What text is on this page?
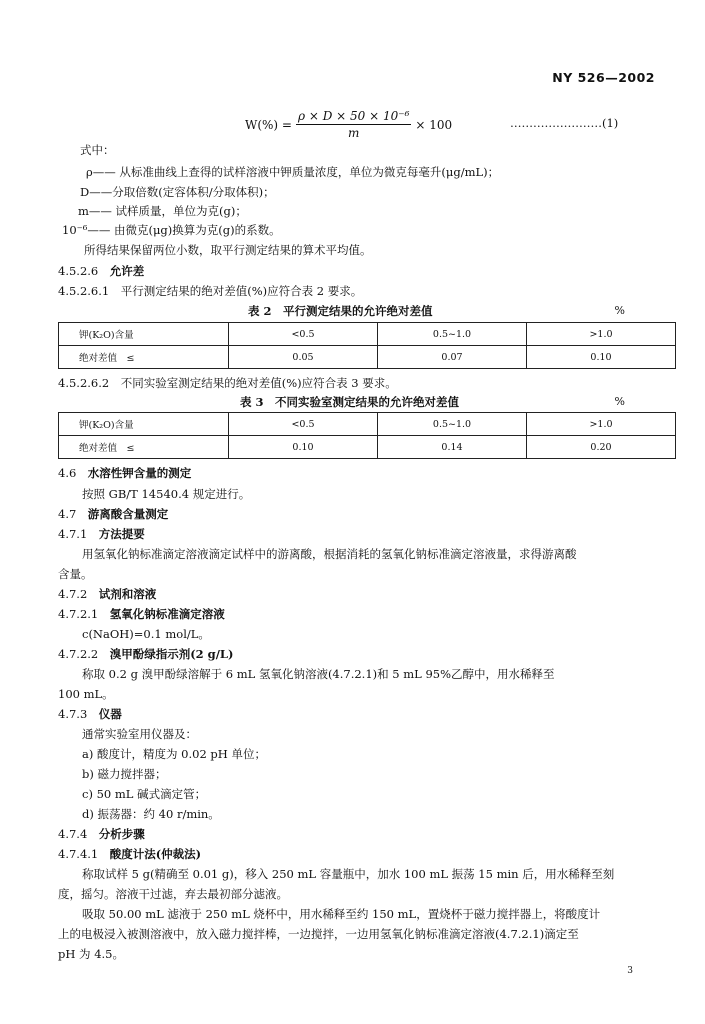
NY 526—2002
$W(\%) = \frac{\text{ρ × D × 50 × 10⁻⁶}}{m} \times 100$	……………………(1)
式中：
ρ—— 从标准曲线上查得的试样溶液中钾质量浓度，单位为微克每毫升(μg/mL)；
D——分取倍数(定容体积/分取体积)；
m—— 试样质量，单位为克(g)；
10⁻⁶—— 由微克(μg)换算为克(g)的系数。
所得结果保留两位小数，取平行测定结果的算术平均值。
4.5.2.6　 允许差
4.5.2.6.1　 平行测定结果的绝对差值(%)应符合表 2 要求。
表 2　平行测定结果的允许绝对差值	%
钾(K₂O)含量	<0.5	0.5~1.0	>1.0
绝对差值　≤	0.05	0.07	0.10
4.5.2.6.2　 不同实验室测定结果的绝对差值(%)应符合表 3 要求。
表 3　不同实验室测定结果的允许绝对差值	%
钾(K₂O)含量	<0.5	0.5~1.0	>1.0
绝对差值　≤	0.10	0.14	0.20
4.6　 水溶性钾含量的测定
按照 GB/T 14540.4 规定进行。
4.7　 游离酸含量测定
4.7.1　 方法提要
用氢氧化钠标准滴定溶液滴定试样中的游离酸，根据消耗的氢氧化钠标准滴定溶液量，求得游离酸
含量。
4.7.2　 试剂和溶液
4.7.2.1　 氢氧化钠标准滴定溶液
c(NaOH)=0.1 mol/L。
4.7.2.2　 溴甲酚绿指示剂(2 g/L)
称取 0.2 g 溴甲酚绿溶解于 6 mL 氢氧化钠溶液(4.7.2.1)和 5 mL 95%乙醇中，用水稀释至
100 mL。
4.7.3　 仪器
通常实验室用仪器及：
a) 酸度计，精度为 0.02 pH 单位；
b) 磁力搅拌器；
c) 50 mL 碱式滴定管；
d) 振荡器：约 40 r/min。
4.7.4　 分析步骤
4.7.4.1　 酸度计法(仲裁法)
称取试样 5 g(精确至 0.01 g)，移入 250 mL 容量瓶中，加水 100 mL 振荡 15 min 后，用水稀释至刻
度，摇匀。溶液干过滤，弃去最初部分滤液。
吸取 50.00 mL 滤液于 250 mL 烧杯中，用水稀释至约 150 mL，置烧杯于磁力搅拌器上，将酸度计
上的电极浸入被测溶液中，放入磁力搅拌棒，一边搅拌，一边用氢氧化钠标准滴定溶液(4.7.2.1)滴定至
pH 为 4.5。
3
